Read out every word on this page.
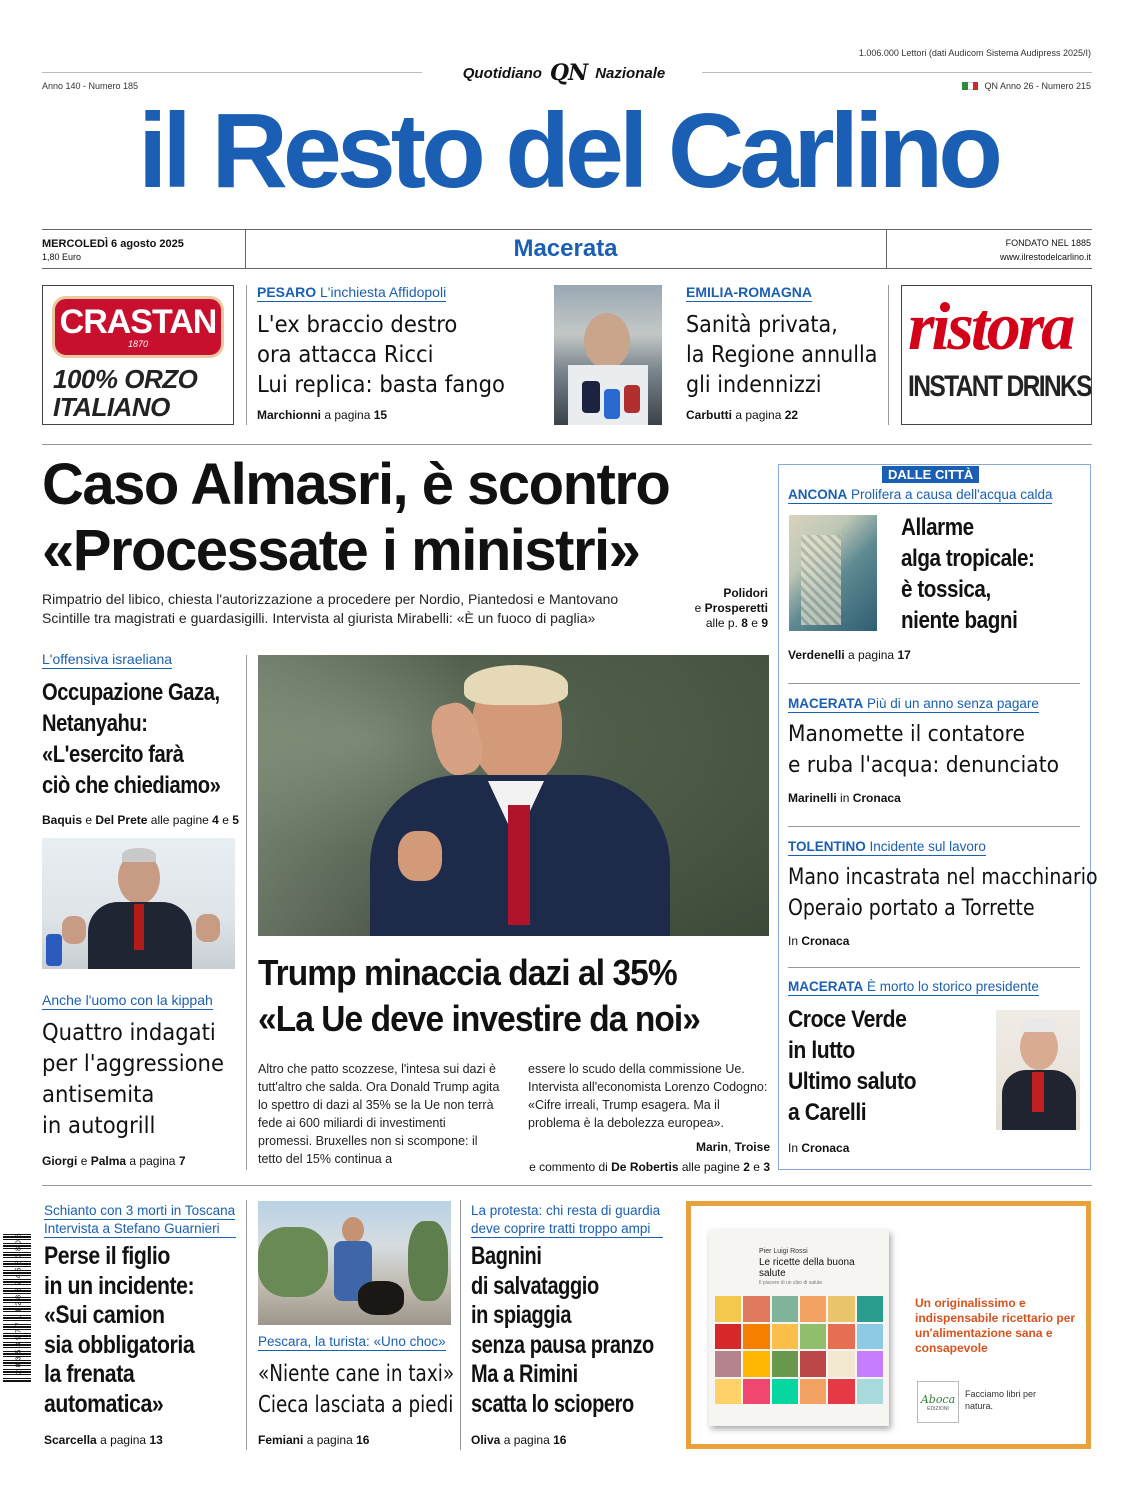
1.006.000 Lettori (dati Audicom Sistema Audipress 2025/I)
Anno 140 - Numero 185	QN Anno 26 - Numero 215
Quotidiano QN Nazionale
il Resto del Carlino
MERCOLEDÌ 6 agosto 2025
1,80 Euro	Macerata	FONDATO NEL 1885
www.ilrestodelcarlino.it
CRASTAN
1870
100% ORZO
ITALIANO
PESARO L'inchiesta Affidopoli
L'ex braccio destro
ora attacca Ricci
Lui replica: basta fango
Marchionni a pagina 15
EMILIA-ROMAGNA
Sanità privata,
la Regione annulla
gli indennizzi
Carbutti a pagina 22
ristora
INSTANT DRINKS
Caso Almasri, è scontro
«Processate i ministri»
Rimpatrio del libico, chiesta l'autorizzazione a procedere per Nordio, Piantedosi e Mantovano
Scintille tra magistrati e guardasigilli. Intervista al giurista Mirabelli: «È un fuoco di paglia»
Polidori
e Prosperetti
alle p. 8 e 9
L'offensiva israeliana
Occupazione Gaza,
Netanyahu:
«L'esercito farà
ciò che chiediamo»
Baquis e Del Prete alle pagine 4 e 5
Anche l'uomo con la kippah
Quattro indagati
per l'aggressione
antisemita
in autogrill
Giorgi e Palma a pagina 7
Trump minaccia dazi al 35%
«La Ue deve investire da noi»
Altro che patto scozzese, l'intesa sui dazi è tutt'altro che salda. Ora Donald Trump agita lo spettro di dazi al 35% se la Ue non terrà fede ai 600 miliardi di investimenti promessi. Bruxelles non si scompone: il tetto del 15% continua a
essere lo scudo della commissione Ue. Intervista all'economista Lorenzo Codogno: «Cifre irreali, Trump esagera. Ma il problema è la debolezza europea».
Marin, Troise
e commento di De Robertis alle pagine 2 e 3
DALLE CITTÀ
ANCONA Prolifera a causa dell'acqua calda
Allarme
alga tropicale:
è tossica,
niente bagni
Verdenelli a pagina 17
MACERATA Più di un anno senza pagare
Manomette il contatore
e ruba l'acqua: denunciato
Marinelli in Cronaca
TOLENTINO Incidente sul lavoro
Mano incastrata nel macchinario
Operaio portato a Torrette
In Cronaca
MACERATA È morto lo storico presidente
Croce Verde
in lutto
Ultimo saluto
a Carelli
In Cronaca
2 8 3 5 3 9 7 7 1 1 2 8 6 7 4 5 8 0 8 0 6
Schianto con 3 morti in Toscana
Intervista a Stefano Guarnieri
Perse il figlio
in un incidente:
«Sui camion
sia obbligatoria
la frenata
automatica»
Scarcella a pagina 13
Pescara, la turista: «Uno choc»
«Niente cane in taxi»
Cieca lasciata a piedi
Femiani a pagina 16
La protesta: chi resta di guardia
deve coprire tratti troppo ampi
Bagnini
di salvataggio
in spiaggia
senza pausa pranzo
Ma a Rimini
scatta lo sciopero
Oliva a pagina 16
Pier Luigi Rossi
Le ricette della buona salute
Il piacere di un cibo di salute
Un originalissimo e indispensabile ricettario per un'alimentazione sana e consapevole
Aboca
EDIZIONI
Facciamo libri per natura.
